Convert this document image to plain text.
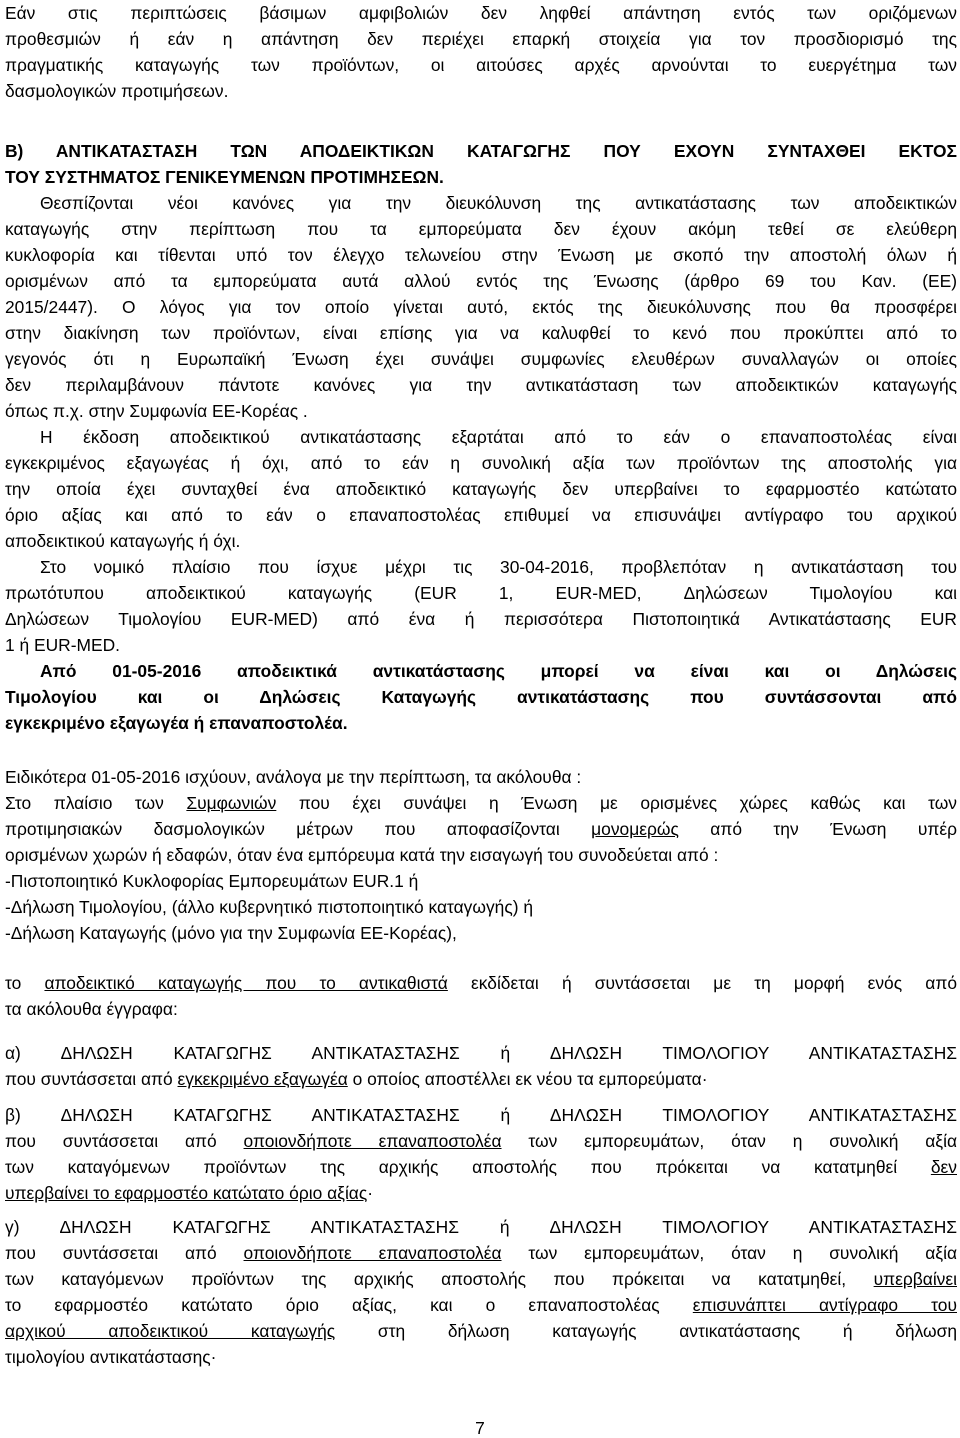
Εάν στις περιπτώσεις βάσιμων αμφιβολιών δεν ληφθεί απάντηση εντός των οριζόμενων
προθεσμιών ή εάν η απάντηση δεν περιέχει επαρκή στοιχεία για τον προσδιορισμό της
πραγματικής καταγωγής των προϊόντων, οι αιτούσες αρχές αρνούνται το ευεργέτημα των
δασμολογικών προτιμήσεων.
Β) ΑΝΤΙΚΑΤΑΣΤΑΣΗ ΤΩΝ ΑΠΟΔΕΙΚΤΙΚΩΝ ΚΑΤΑΓΩΓΗΣ ΠΟΥ ΕΧΟΥΝ ΣΥΝΤΑΧΘΕΙ ΕΚΤΟΣ
ΤΟΥ ΣΥΣΤΗΜΑΤΟΣ ΓΕΝΙΚΕΥΜΕΝΩΝ ΠΡΟΤΙΜΗΣΕΩΝ.
Θεσπίζονται νέοι κανόνες για την διευκόλυνση της αντικατάστασης των αποδεικτικών
καταγωγής στην περίπτωση που τα εμπορεύματα δεν έχουν ακόμη τεθεί σε ελεύθερη
κυκλοφορία και τίθενται υπό τον έλεγχο τελωνείου στην Ένωση με σκοπό την αποστολή όλων ή
ορισμένων από τα εμπορεύματα αυτά αλλού εντός της Ένωσης (άρθρο 69 του Καν. (ΕΕ)
2015/2447). Ο λόγος για τον οποίο γίνεται αυτό, εκτός της διευκόλυνσης που θα προσφέρει
στην διακίνηση των προϊόντων, είναι επίσης για να καλυφθεί το κενό που προκύπτει από το
γεγονός ότι η Ευρωπαϊκή Ένωση έχει συνάψει συμφωνίες ελευθέρων συναλλαγών οι οποίες
δεν περιλαμβάνουν πάντοτε κανόνες για την αντικατάσταση των αποδεικτικών καταγωγής
όπως π.χ. στην Συμφωνία ΕΕ-Κορέας .
Η έκδοση αποδεικτικού αντικατάστασης εξαρτάται από το εάν ο επαναποστολέας είναι
εγκεκριμένος εξαγωγέας ή όχι, από το εάν η συνολική αξία των προϊόντων της αποστολής για
την οποία έχει συνταχθεί ένα αποδεικτικό καταγωγής δεν υπερβαίνει το εφαρμοστέο κατώτατο
όριο αξίας και από το εάν ο επαναποστολέας επιθυμεί να επισυνάψει αντίγραφο του αρχικού
αποδεικτικού καταγωγής ή όχι.
Στο νομικό πλαίσιο που ίσχυε μέχρι τις 30-04-2016, προβλεπόταν η αντικατάσταση του
πρωτότυπου αποδεικτικού καταγωγής (EUR 1, EUR-MED, Δηλώσεων Τιμολογίου και
Δηλώσεων Τιμολογίου EUR-MED) από ένα ή περισσότερα Πιστοποιητικά Αντικατάστασης EUR
1 ή EUR-MED.
Από 01-05-2016 αποδεικτικά αντικατάστασης μπορεί να είναι και οι Δηλώσεις
Τιμολογίου και οι Δηλώσεις Καταγωγής αντικατάστασης που συντάσσονται από
εγκεκριμένο εξαγωγέα ή επαναποστολέα.
Ειδικότερα 01-05-2016 ισχύουν, ανάλογα με την περίπτωση, τα ακόλουθα :
Στο πλαίσιο των Συμφωνιών που έχει συνάψει η Ένωση με ορισμένες χώρες καθώς και των
προτιμησιακών δασμολογικών μέτρων που αποφασίζονται μονομερώς από την Ένωση υπέρ
ορισμένων χωρών ή εδαφών, όταν ένα εμπόρευμα κατά την εισαγωγή του συνοδεύεται από :
-Πιστοποιητικό Κυκλοφορίας Εμπορευμάτων EUR.1 ή
-Δήλωση Τιμολογίου, (άλλο κυβερνητικό πιστοποιητικό καταγωγής) ή
-Δήλωση Καταγωγής (μόνο για την Συμφωνία ΕΕ-Κορέας),
το αποδεικτικό καταγωγής που το αντικαθιστά εκδίδεται ή συντάσσεται με τη μορφή ενός από
τα ακόλουθα έγγραφα:
α) ΔΗΛΩΣΗ ΚΑΤΑΓΩΓΗΣ ΑΝΤΙΚΑΤΑΣΤΑΣΗΣ ή ΔΗΛΩΣΗ ΤΙΜΟΛΟΓΙΟΥ ΑΝΤΙΚΑΤΑΣΤΑΣΗΣ
που συντάσσεται από εγκεκριμένο εξαγωγέα ο οποίος αποστέλλει εκ νέου τα εμπορεύματα·
β) ΔΗΛΩΣΗ ΚΑΤΑΓΩΓΗΣ ΑΝΤΙΚΑΤΑΣΤΑΣΗΣ ή ΔΗΛΩΣΗ ΤΙΜΟΛΟΓΙΟΥ ΑΝΤΙΚΑΤΑΣΤΑΣΗΣ
που συντάσσεται από οποιονδήποτε επαναποστολέα των εμπορευμάτων, όταν η συνολική αξία
των καταγόμενων προϊόντων της αρχικής αποστολής που πρόκειται να κατατμηθεί δεν
υπερβαίνει το εφαρμοστέο κατώτατο όριο αξίας·
γ) ΔΗΛΩΣΗ ΚΑΤΑΓΩΓΗΣ ΑΝΤΙΚΑΤΑΣΤΑΣΗΣ ή ΔΗΛΩΣΗ ΤΙΜΟΛΟΓΙΟΥ ΑΝΤΙΚΑΤΑΣΤΑΣΗΣ
που συντάσσεται από οποιονδήποτε επαναποστολέα των εμπορευμάτων, όταν η συνολική αξία
των καταγόμενων προϊόντων της αρχικής αποστολής που πρόκειται να κατατμηθεί, υπερβαίνει
το εφαρμοστέο κατώτατο όριο αξίας, και ο επαναποστολέας επισυνάπτει αντίγραφο του
αρχικού αποδεικτικού καταγωγής στη δήλωση καταγωγής αντικατάστασης ή δήλωση
τιμολογίου αντικατάστασης·
7
